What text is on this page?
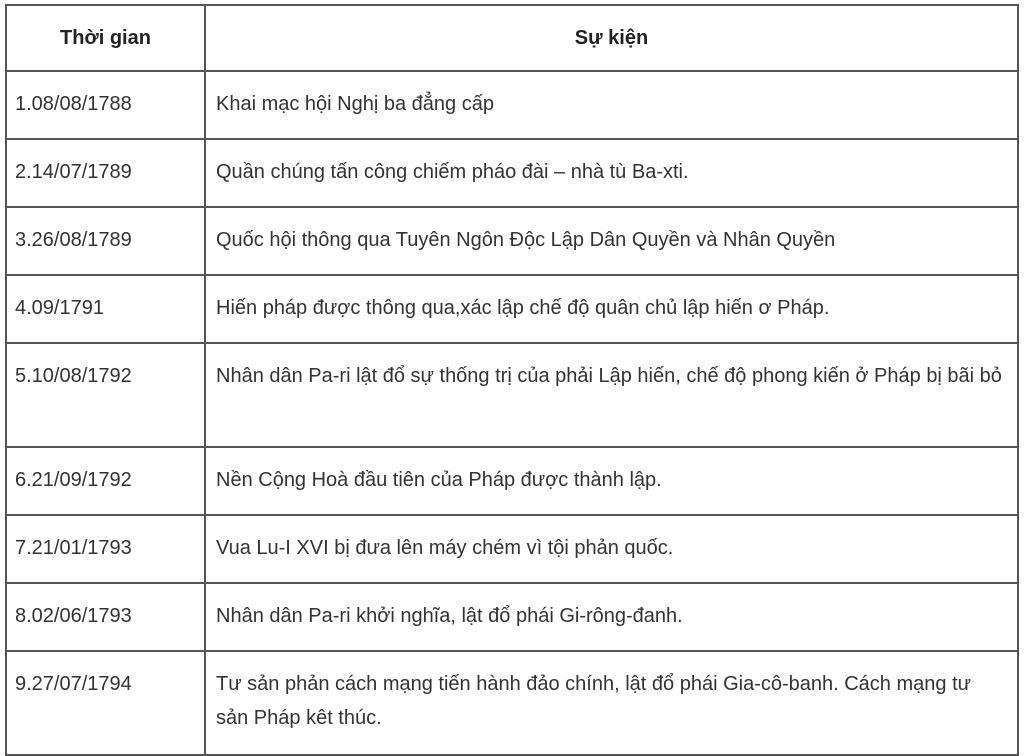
Thời gian	Sự kiện

1.08/08/1788	Khai mạc hội Nghị ba đẳng cấp

2.14/07/1789	Quần chúng tấn công chiếm pháo đài – nhà tù Ba-xti.

3.26/08/1789	Quốc hội thông qua Tuyên Ngôn Độc Lập Dân Quyền và Nhân Quyền

4.09/1791	Hiến pháp được thông qua,xác lập chế độ quân chủ lập hiến ơ Pháp.

5.10/08/1792	Nhân dân Pa-ri lật đổ sự thống trị của phải Lập hiến, chế độ phong kiến ở Pháp bị bãi bỏ

6.21/09/1792	Nền Cộng Hoà đầu tiên của Pháp được thành lập.

7.21/01/1793	Vua Lu-I XVI bị đưa lên máy chém vì tội phản quốc.

8.02/06/1793	Nhân dân Pa-ri khởi nghĩa, lật đổ phái Gi-rông-đanh.

9.27/07/1794	Tư sản phản cách mạng tiến hành đảo chính, lật đổ phái Gia-cô-banh. Cách mạng tư sản Pháp kêt thúc.
